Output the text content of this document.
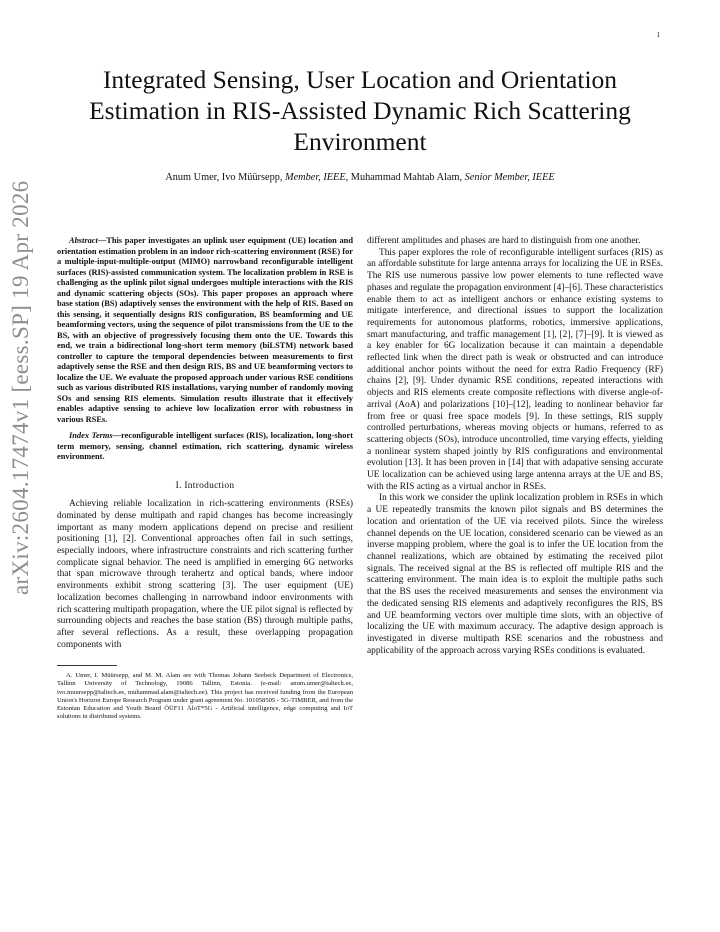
1
arXiv:2604.17474v1 [eess.SP] 19 Apr 2026
Integrated Sensing, User Location and Orientation Estimation in RIS-Assisted Dynamic Rich Scattering Environment
Anum Umer, Ivo Müürsepp, Member, IEEE, Muhammad Mahtab Alam, Senior Member, IEEE

Abstract—This paper investigates an uplink user equipment (UE) location and orientation estimation problem in an indoor rich-scattering environment (RSE) for a multiple-input-multiple-output (MIMO) narrowband reconfigurable intelligent surfaces (RIS)-assisted communication system. The localization problem in RSE is challenging as the uplink pilot signal undergoes multiple interactions with the RIS and dynamic scattering objects (SOs). This paper proposes an approach where base station (BS) adaptively senses the environment with the help of RIS. Based on this sensing, it sequentially designs RIS configuration, BS beamforming and UE beamforming vectors, using the sequence of pilot transmissions from the UE to the BS, with an objective of progressively focusing them onto the UE. Towards this end, we train a bidirectional long-short term memory (biLSTM) network based controller to capture the temporal dependencies between measurements to first adaptively sense the RSE and then design RIS, BS and UE beamforming vectors to localize the UE. We evaluate the proposed approach under various RSE conditions such as various distributed RIS installations, varying number of randomly moving SOs and sensing RIS elements. Simulation results illustrate that it effectively enables adaptive sensing to achieve low localization error with robustness in various RSEs.

Index Terms—reconfigurable intelligent surfaces (RIS), localization, long-short term memory, sensing, channel estimation, rich scattering, dynamic wireless environment.

I. Introduction

Achieving reliable localization in rich-scattering environments (RSEs) dominated by dense multipath and rapid changes has become increasingly important as many modern applications depend on precise and resilient positioning [1], [2]. Conventional approaches often fail in such settings, especially indoors, where infrastructure constraints and rich scattering further complicate signal behavior. The need is amplified in emerging 6G networks that span microwave through terahertz and optical bands, where indoor environments exhibit strong scattering [3]. The user equipment (UE) localization becomes challenging in narrowband indoor environments with rich scattering multipath propagation, where the UE pilot signal is reflected by surrounding objects and reaches the base station (BS) through multiple paths, after several reflections. As a result, these overlapping propagation components with

A. Umer, I. Müürsepp, and M. M. Alam are with Thomas Johann Seebeck Department of Electronics, Tallinn University of Technology, 19086 Tallinn, Estonia. (e-mail: anum.umer@taltech.ee, ivo.muursepp@taltech.ee, muhammad.alam@taltech.ee). This project has received funding from the European Union's Horizon Europe Research Program under grant agreement No. 101058505 - 5G-TIMBER, and from the Estonian Education and Youth Board ÕÜF11 ÄloT*5G - Artificial intelligence, edge computing and IoT solutions in distributed systems.

different amplitudes and phases are hard to distinguish from one another.

This paper explores the role of reconfigurable intelligent surfaces (RIS) as an affordable substitute for large antenna arrays for localizing the UE in RSEs. The RIS use numerous passive low power elements to tune reflected wave phases and regulate the propagation environment [4]–[6]. These characteristics enable them to act as intelligent anchors or enhance existing systems to mitigate interference, and directional issues to support the localization requirements for autonomous platforms, robotics, immersive applications, smart manufacturing, and traffic management [1], [2], [7]–[9]. It is viewed as a key enabler for 6G localization because it can maintain a dependable reflected link when the direct path is weak or obstructed and can introduce additional anchor points without the need for extra Radio Frequency (RF) chains [2], [9]. Under dynamic RSE conditions, repeated interactions with objects and RIS elements create composite reflections with diverse angle-of-arrival (AoA) and polarizations [10]–[12], leading to nonlinear behavior far from free or quasi free space models [9]. In these settings, RIS supply controlled perturbations, whereas moving objects or humans, referred to as scattering objects (SOs), introduce uncontrolled, time varying effects, yielding a nonlinear system shaped jointly by RIS configurations and environmental evolution [13]. It has been proven in [14] that with adapative sensing accurate UE localization can be achieved using large antenna arrays at the UE and BS, with the RIS acting as a virtual anchor in RSEs.

In this work we consider the uplink localization problem in RSEs in which a UE repeatedly transmits the known pilot signals and BS determines the location and orientation of the UE via received pilots. Since the wireless channel depends on the UE location, considered scenario can be viewed as an inverse mapping problem, where the goal is to infer the UE location from the channel realizations, which are obtained by estimating the received pilot signals. The received signal at the BS is reflected off multiple RIS and the scattering environment. The main idea is to exploit the multiple paths such that the BS uses the received measurements and senses the environment via the dedicated sensing RIS elements and adaptively reconfigures the RIS, BS and UE beamforming vectors over multiple time slots, with an objective of localizing the UE with maximum accuracy. The adaptive design approach is investigated in diverse multipath RSE scenarios and the robustness and applicability of the approach across varying RSEs conditions is evaluated.
